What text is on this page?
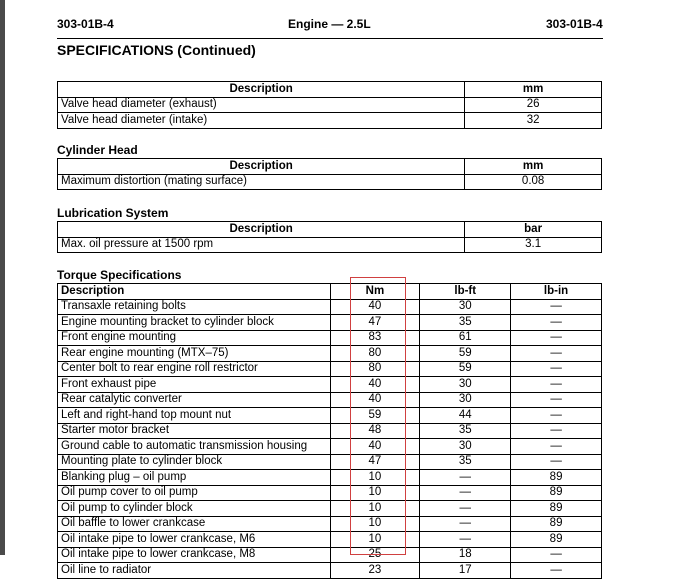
303-01B-4	Engine — 2.5L	303-01B-4
SPECIFICATIONS (Continued)
Description	mm
Valve head diameter (exhaust)	26
Valve head diameter (intake)	32
Cylinder Head
Description	mm
Maximum distortion (mating surface)	0.08
Lubrication System
Description	bar
Max. oil pressure at 1500 rpm	3.1
Torque Specifications
Description	Nm	lb-ft	lb-in
Transaxle retaining bolts	40	30	—
Engine mounting bracket to cylinder block	47	35	—
Front engine mounting	83	61	—
Rear engine mounting (MTX–75)	80	59	—
Center bolt to rear engine roll restrictor	80	59	—
Front exhaust pipe	40	30	—
Rear catalytic converter	40	30	—
Left and right-hand top mount nut	59	44	—
Starter motor bracket	48	35	—
Ground cable to automatic transmission housing	40	30	—
Mounting plate to cylinder block	47	35	—
Blanking plug – oil pump	10	—	89
Oil pump cover to oil pump	10	—	89
Oil pump to cylinder block	10	—	89
Oil baffle to lower crankcase	10	—	89
Oil intake pipe to lower crankcase, M6	10	—	89
Oil intake pipe to lower crankcase, M8	25	18	—
Oil line to radiator	23	17	—
